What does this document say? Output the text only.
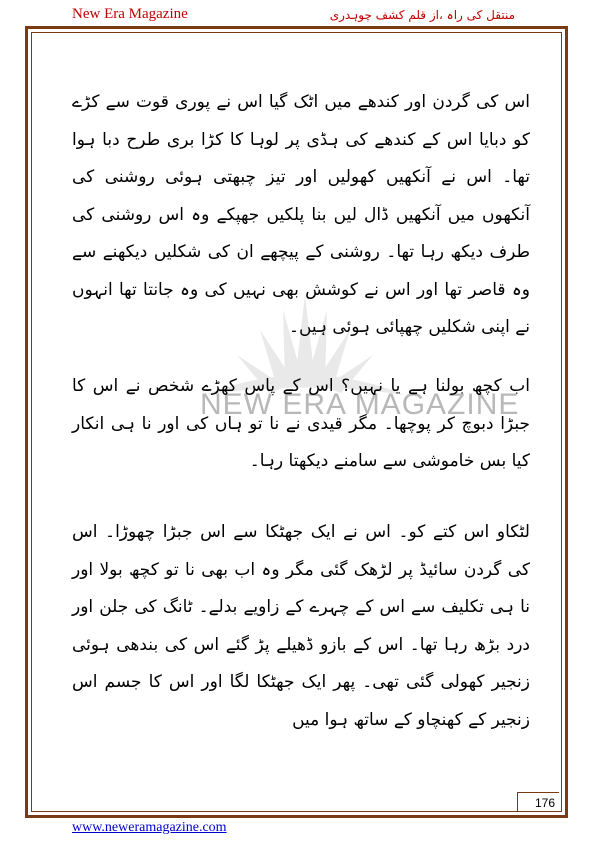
New Era Magazine	منتقل کی راہ ،از قلم کشف چوہدری
NEW ERA MAGAZINE
اس کی گردن اور کندھے میں اٹک گیا اس نے پوری قوت سے کڑے کو دبایا اس کے کندھے کی ہڈی پر لوہا کا کڑا بری طرح دبا ہوا تھا۔ اس نے آنکھیں کھولیں اور تیز چبھتی ہوئی روشنی کی آنکھوں میں آنکھیں ڈال لیں بنا پلکیں جھپکے وہ اس روشنی کی طرف دیکھ رہا تھا۔ روشنی کے پیچھے ان کی شکلیں دیکھنے سے وہ قاصر تھا اور اس نے کوشش بھی نہیں کی وہ جانتا تھا انہوں نے اپنی شکلیں چھپائی ہوئی ہیں۔
اب کچھ بولنا ہے یا نہیں؟ اس کے پاس کھڑے شخص نے اس کا جبڑا دبوچ کر پوچھا۔ مگر قیدی نے نا تو ہاں کی اور نا ہی انکار کیا بس خاموشی سے سامنے دیکھتا رہا۔
لٹکاو اس کتے کو۔ اس نے ایک جھٹکا سے اس جبڑا چھوڑا۔ اس کی گردن سائیڈ پر لڑھک گئی مگر وہ اب بھی نا تو کچھ بولا اور نا ہی تکلیف سے اس کے چہرے کے زاویے بدلے۔ ٹانگ کی جلن اور درد بڑھ رہا تھا۔ اس کے بازو ڈھیلے پڑ گئے اس کی بندھی ہوئی زنجیر کھولی گئی تھی۔ پھر ایک جھٹکا لگا اور اس کا جسم اس زنجیر کے کھنچاو کے ساتھ ہوا میں
176
www.neweramagazine.com
